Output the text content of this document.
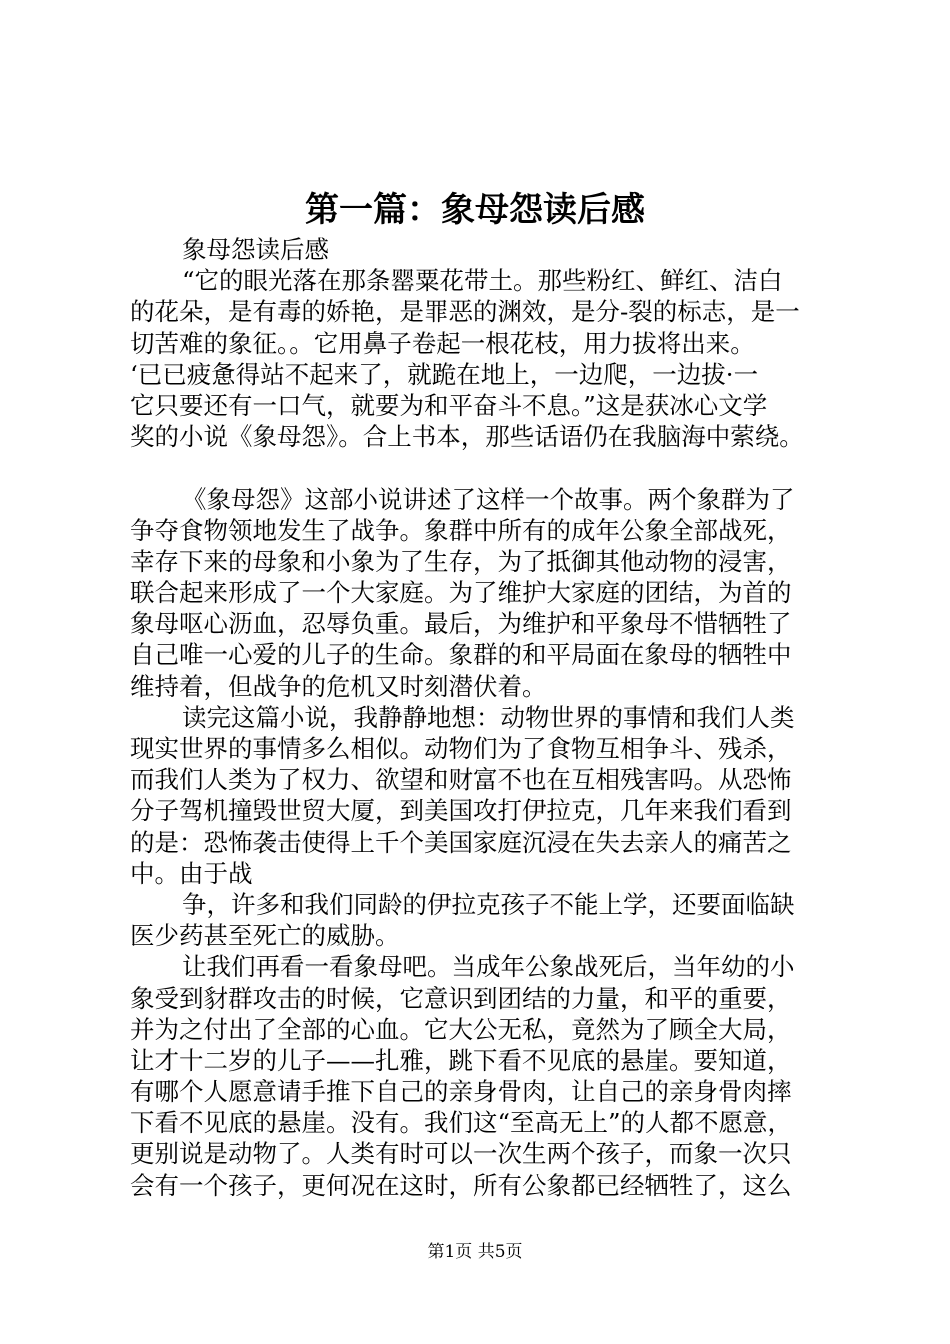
第一篇：象母怨读后感
象母怨读后感
“它的眼光落在那条罂粟花带土。那些粉红、鲜红、洁白
的花朵，是有毒的娇艳，是罪恶的渊效，是分-裂的标志，是一
切苦难的象征。。它用鼻子卷起一根花枝，用力拔将出来。
‘已已疲惫得站不起来了，就跪在地上，一边爬，一边拔·一
它只要还有一口气，就要为和平奋斗不息。”这是获冰心文学
奖的小说《象母怨》。合上书本，那些话语仍在我脑海中萦绕。
《象母怨》这部小说讲述了这样一个故事。两个象群为了
争夺食物领地发生了战争。象群中所有的成年公象全部战死，
幸存下来的母象和小象为了生存，为了抵御其他动物的浸害，
联合起来形成了一个大家庭。为了维护大家庭的团结，为首的
象母呕心沥血，忍辱负重。最后，为维护和平象母不惜牺牲了
自己唯一心爱的儿子的生命。象群的和平局面在象母的牺牲中
维持着，但战争的危机又时刻潜伏着。
读完这篇小说，我静静地想：动物世界的事情和我们人类
现实世界的事情多么相似。动物们为了食物互相争斗、残杀，
而我们人类为了权力、欲望和财富不也在互相残害吗。从恐怖
分子驾机撞毁世贸大厦，到美国攻打伊拉克，几年来我们看到
的是：恐怖袭击使得上千个美国家庭沉浸在失去亲人的痛苦之
中。由于战
争，许多和我们同龄的伊拉克孩子不能上学，还要面临缺
医少药甚至死亡的威胁。
让我们再看一看象母吧。当成年公象战死后，当年幼的小
象受到豺群攻击的时候，它意识到团结的力量，和平的重要，
并为之付出了全部的心血。它大公无私，竟然为了顾全大局，
让才十二岁的儿子——扎雅，跳下看不见底的悬崖。要知道，
有哪个人愿意请手推下自己的亲身骨肉，让自己的亲身骨肉摔
下看不见底的悬崖。没有。我们这“至高无上”的人都不愿意，
更别说是动物了。人类有时可以一次生两个孩子，而象一次只
会有一个孩子，更何况在这时，所有公象都已经牺牲了，这么
第1页 共5页
